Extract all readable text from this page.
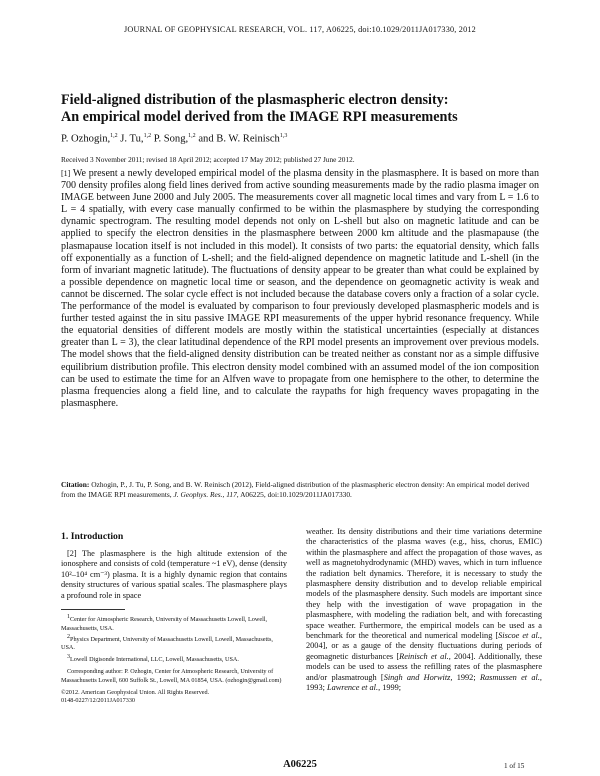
JOURNAL OF GEOPHYSICAL RESEARCH, VOL. 117, A06225, doi:10.1029/2011JA017330, 2012
Field-aligned distribution of the plasmaspheric electron density:
An empirical model derived from the IMAGE RPI measurements
P. Ozhogin,$^{1,2}$ J. Tu,$^{1,2}$ P. Song,$^{1,2}$ and B. W. Reinisch$^{1,3}$
Received 3 November 2011; revised 18 April 2012; accepted 17 May 2012; published 27 June 2012.
[1] We present a newly developed empirical model of the plasma density in the plasmasphere. It is based on more than 700 density profiles along field lines derived from active sounding measurements made by the radio plasma imager on IMAGE between June 2000 and July 2005. The measurements cover all magnetic local times and vary from L = 1.6 to L = 4 spatially, with every case manually confirmed to be within the plasmasphere by studying the corresponding dynamic spectrogram. The resulting model depends not only on L-shell but also on magnetic latitude and can be applied to specify the electron densities in the plasmasphere between 2000 km altitude and the plasmapause (the plasmapause location itself is not included in this model). It consists of two parts: the equatorial density, which falls off exponentially as a function of L-shell; and the field-aligned dependence on magnetic latitude and L-shell (in the form of invariant magnetic latitude). The fluctuations of density appear to be greater than what could be explained by a possible dependence on magnetic local time or season, and the dependence on geomagnetic activity is weak and cannot be discerned. The solar cycle effect is not included because the database covers only a fraction of a solar cycle. The performance of the model is evaluated by comparison to four previously developed plasmaspheric models and is further tested against the in situ passive IMAGE RPI measurements of the upper hybrid resonance frequency. While the equatorial densities of different models are mostly within the statistical uncertainties (especially at distances greater than L = 3), the clear latitudinal dependence of the RPI model presents an improvement over previous models. The model shows that the field-aligned density distribution can be treated neither as constant nor as a simple diffusive equilibrium distribution profile. This electron density model combined with an assumed model of the ion composition can be used to estimate the time for an Alfven wave to propagate from one hemisphere to the other, to determine the plasma frequencies along a field line, and to calculate the raypaths for high frequency waves propagating in the plasmasphere.
Citation: Ozhogin, P., J. Tu, P. Song, and B. W. Reinisch (2012), Field-aligned distribution of the plasmaspheric electron density: An empirical model derived from the IMAGE RPI measurements, J. Geophys. Res., 117, A06225, doi:10.1029/2011JA017330.
1. Introduction

[2] The plasmasphere is the high altitude extension of the ionosphere and consists of cold (temperature ~1 eV), dense (density 10²–10⁴ cm⁻³) plasma. It is a highly dynamic region that contains density structures of various spatial scales. The plasmasphere plays a profound role in space

$^1$Center for Atmospheric Research, University of Massachusetts Lowell, Lowell, Massachusetts, USA.

$^2$Physics Department, University of Massachusetts Lowell, Lowell, Massachusetts, USA.

$^3$Lowell Digisonde International, LLC, Lowell, Massachusetts, USA.

Corresponding author: P. Ozhogin, Center for Atmospheric Research, University of Massachusetts Lowell, 600 Suffolk St., Lowell, MA 01854, USA. (ozhogin@gmail.com)

©2012. American Geophysical Union. All Rights Reserved.

0148-0227/12/2011JA017330

weather. Its density distributions and their time variations determine the characteristics of the plasma waves (e.g., hiss, chorus, EMIC) within the plasmasphere and affect the propagation of those waves, as well as magnetohydrodynamic (MHD) waves, which in turn influence the radiation belt dynamics. Therefore, it is necessary to study the plasmasphere density distribution and to develop reliable empirical models of the plasmasphere density. Such models are important since they help with the investigation of wave propagation in the plasmasphere, with modeling the radiation belt, and with forecasting space weather. Furthermore, the empirical models can be used as a benchmark for the theoretical and numerical modeling [Siscoe et al., 2004], or as a gauge of the density fluctuations during periods of geomagnetic disturbances [Reinisch et al., 2004]. Additionally, these models can be used to assess the refilling rates of the plasmasphere and/or plasmatrough [Singh and Horwitz, 1992; Rasmussen et al., 1993; Lawrence et al., 1999;

A06225	1 of 15
